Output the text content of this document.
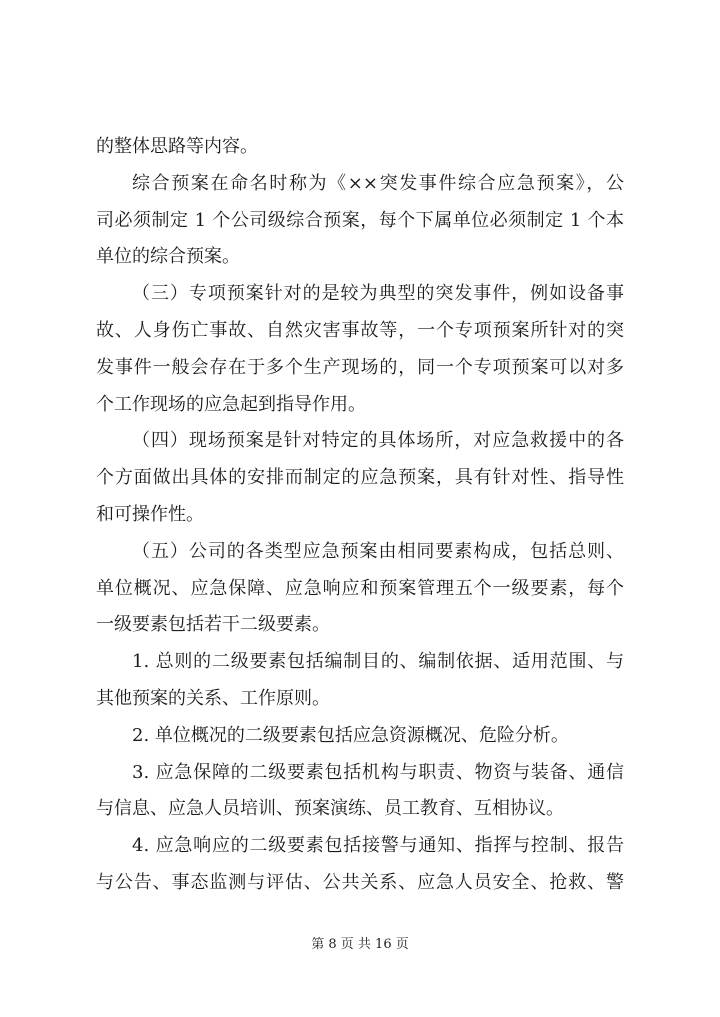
的整体思路等内容。
综合预案在命名时称为《××突发事件综合应急预案》，公
司必须制定 1 个公司级综合预案，每个下属单位必须制定 1 个本
单位的综合预案。
（三）专项预案针对的是较为典型的突发事件，例如设备事
故、人身伤亡事故、自然灾害事故等，一个专项预案所针对的突
发事件一般会存在于多个生产现场的，同一个专项预案可以对多
个工作现场的应急起到指导作用。
（四）现场预案是针对特定的具体场所，对应急救援中的各
个方面做出具体的安排而制定的应急预案，具有针对性、指导性
和可操作性。
（五）公司的各类型应急预案由相同要素构成，包括总则、
单位概况、应急保障、应急响应和预案管理五个一级要素，每个
一级要素包括若干二级要素。
1. 总则的二级要素包括编制目的、编制依据、适用范围、与
其他预案的关系、工作原则。
2. 单位概况的二级要素包括应急资源概况、危险分析。
3. 应急保障的二级要素包括机构与职责、物资与装备、通信
与信息、应急人员培训、预案演练、员工教育、互相协议。
4. 应急响应的二级要素包括接警与通知、指挥与控制、报告
与公告、事态监测与评估、公共关系、应急人员安全、抢救、警
第 8 页 共 16 页
